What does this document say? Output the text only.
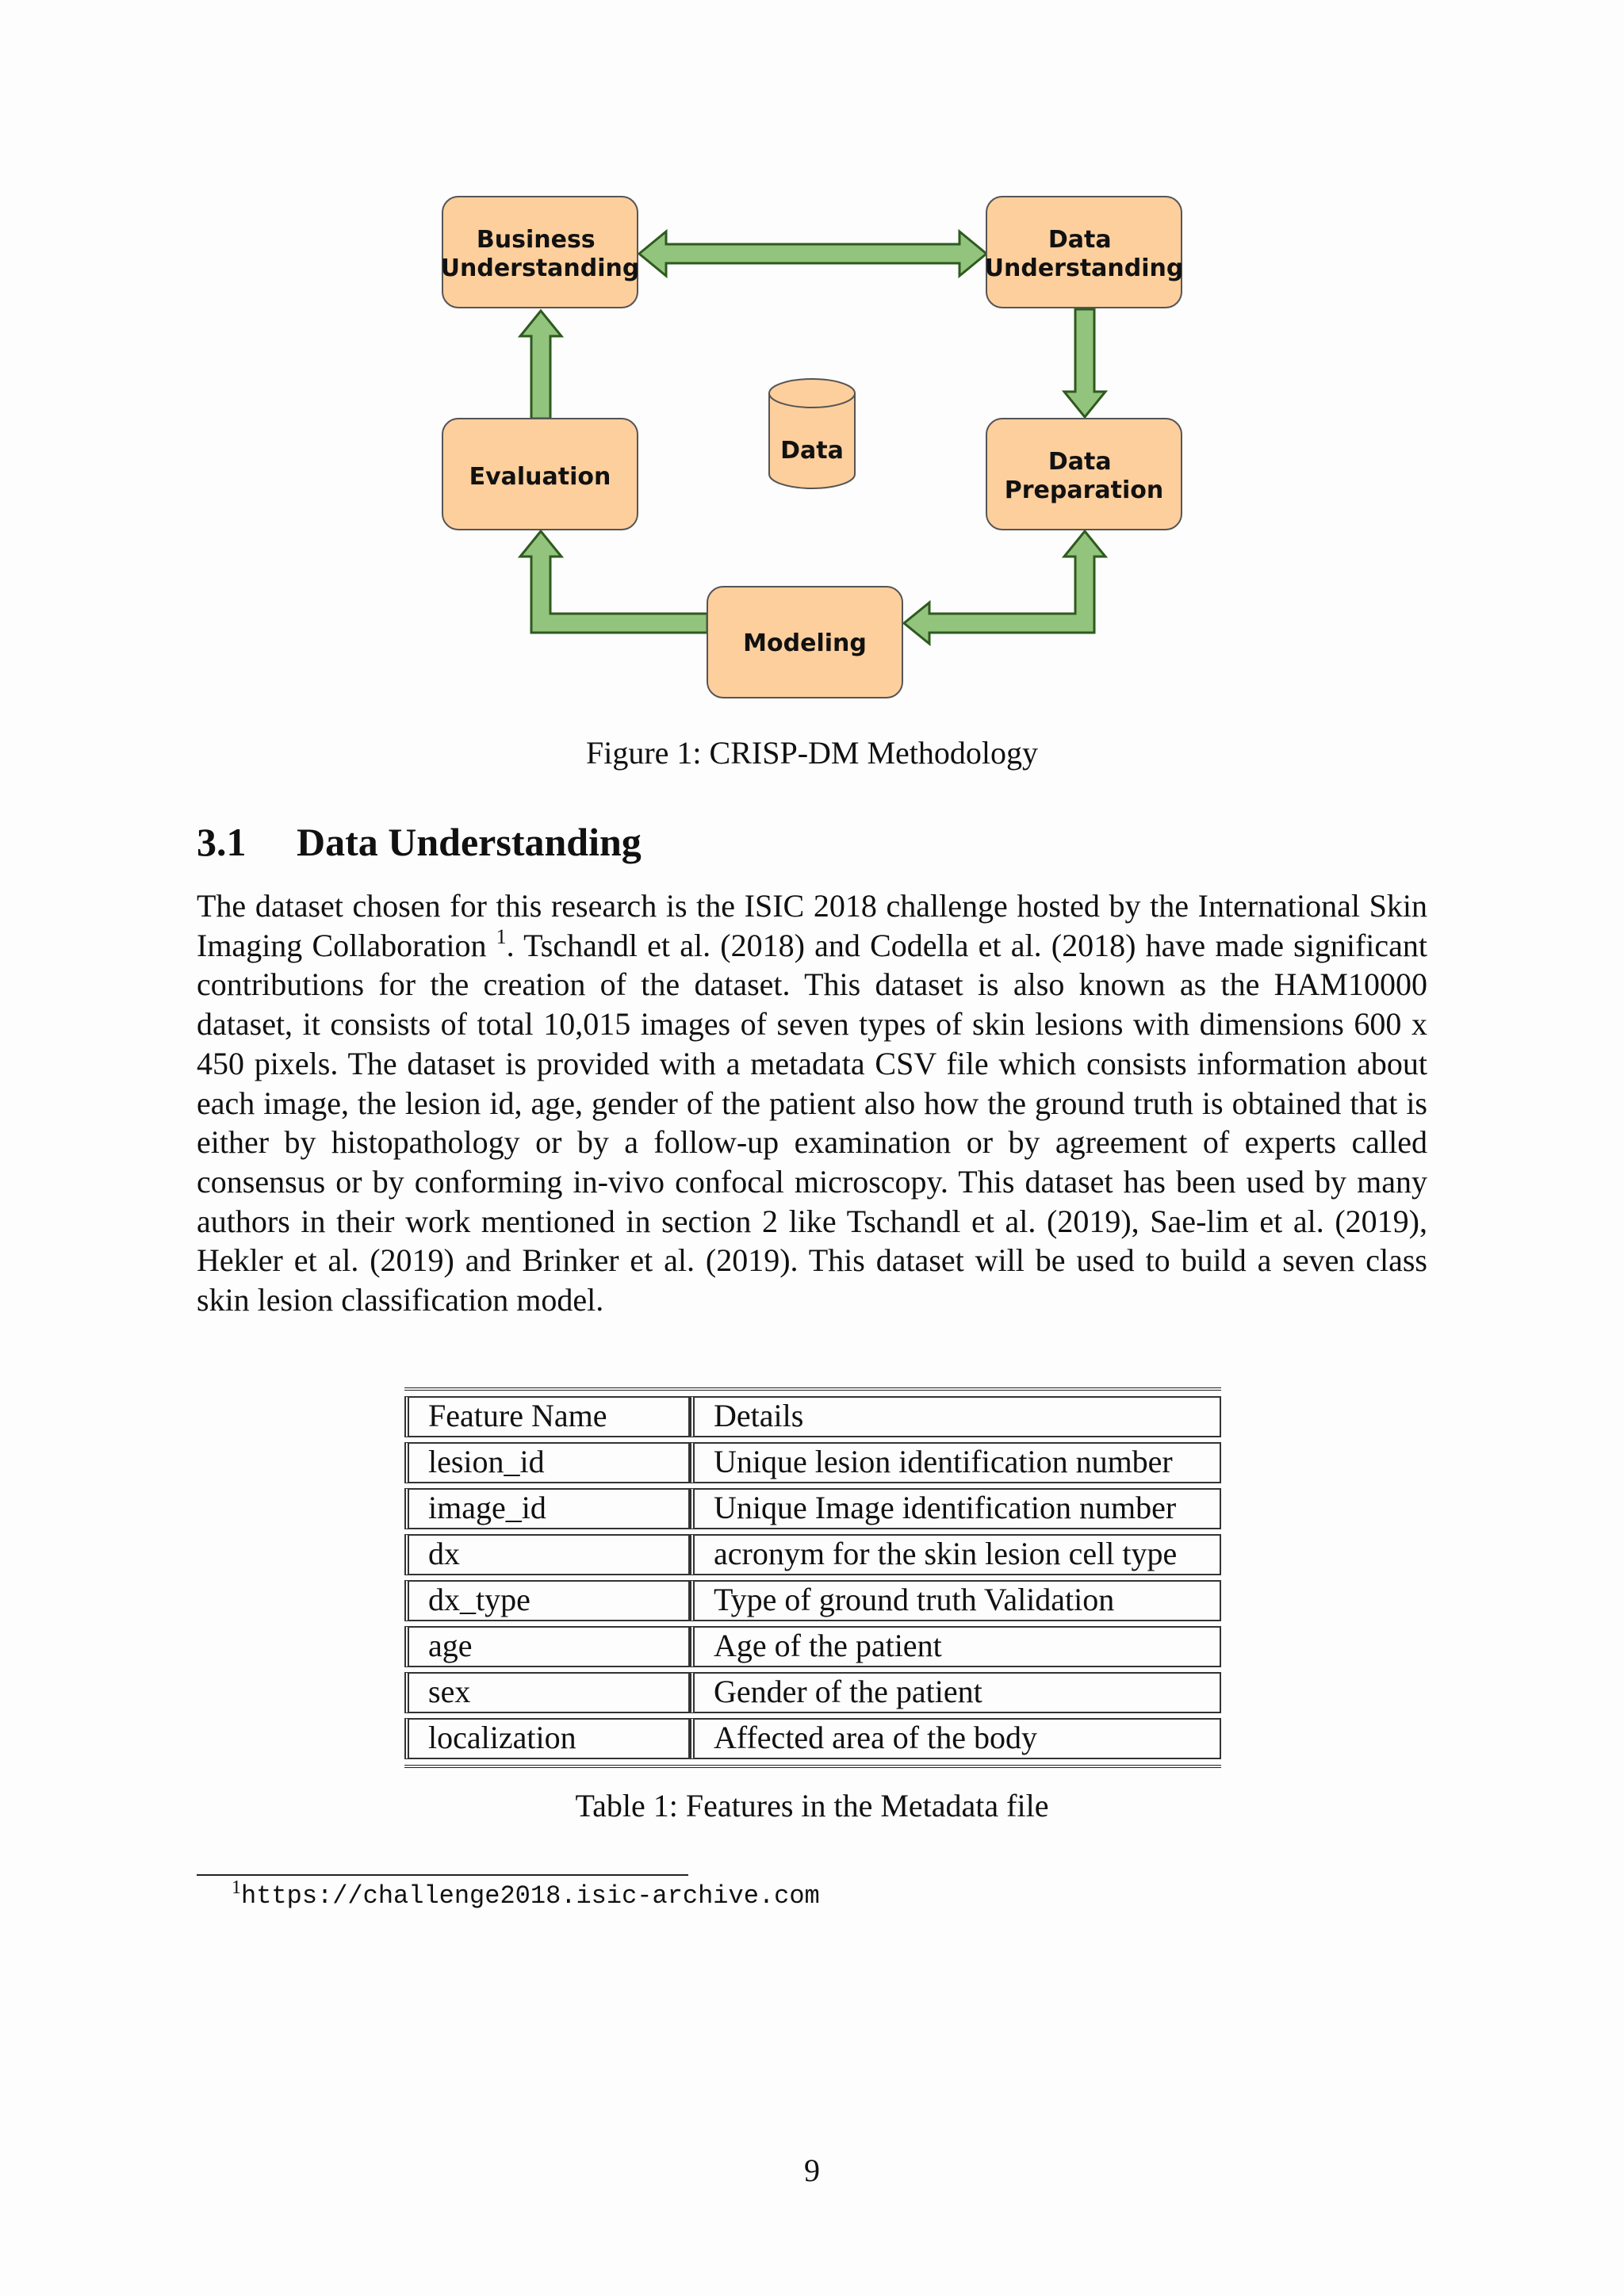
Business Understanding
Data Understanding
Evaluation
Data Preparation
Modeling
Data
Figure 1: CRISP-DM Methodology
3.1 Data Understanding
The dataset chosen for this research is the ISIC 2018 challenge hosted by the International Skin Imaging Collaboration $^1$. Tschandl et al. (2018) and Codella et al. (2018) have made significant contributions for the creation of the dataset. This dataset is also known as the HAM10000 dataset, it consists of total 10,015 images of seven types of skin lesions with dimensions 600 x 450 pixels. The dataset is provided with a metadata CSV file which consists information about each image, the lesion id, age, gender of the patient also how the ground truth is obtained that is either by histopathology or by a follow-up examination or by agreement of experts called consensus or by conforming in-vivo confocal microscopy. This dataset has been used by many authors in their work mentioned in section 2 like Tschandl et al. (2019), Sae-lim et al. (2019), Hekler et al. (2019) and Brinker et al. (2019). This dataset will be used to build a seven class skin lesion classification model.
Feature Name	Details
lesion_id	Unique lesion identification number
image_id	Unique Image identification number
dx	acronym for the skin lesion cell type
dx_type	Type of ground truth Validation
age	Age of the patient
sex	Gender of the patient
localization	Affected area of the body
Table 1: Features in the Metadata file
$^1$https://challenge2018.isic-archive.com
9
